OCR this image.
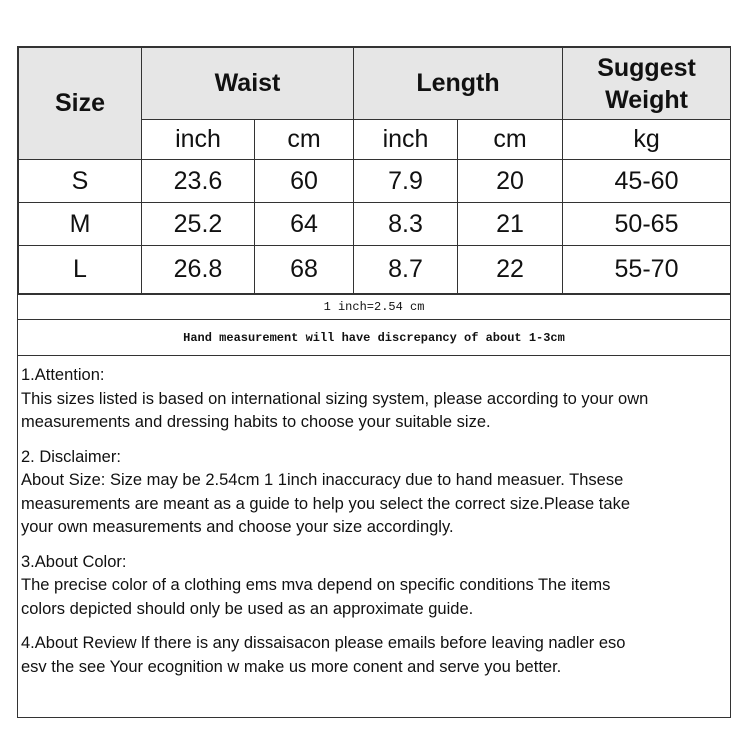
Size	Waist		Length		Suggest
Weight
	inch	cm	inch	cm	kg
S	23.6	60	7.9	20	45-60
M	25.2	64	8.3	21	50-65
L	26.8	68	8.7	22	55-70
1 inch=2.54 cm
Hand measurement will have discrepancy of about 1-3cm

1.Attention:
This sizes listed is based on international sizing system, please according to your own
measurements and dressing habits to choose your suitable size.

2. Disclaimer:
About Size: Size may be 2.54cm 1 1inch inaccuracy due to hand measuer. Thsese
measurements are meant as a guide to help you select the correct size.Please take
your own measurements and choose your size accordingly.

3.About Color:
The precise color of a clothing ems mva depend on specific conditions The items
colors depicted should only be used as an approximate guide.

4.About Review lf there is any dissaisacon please emails before leaving nadler eso
esv the see Your ecognition w make us more conent and serve you better.
